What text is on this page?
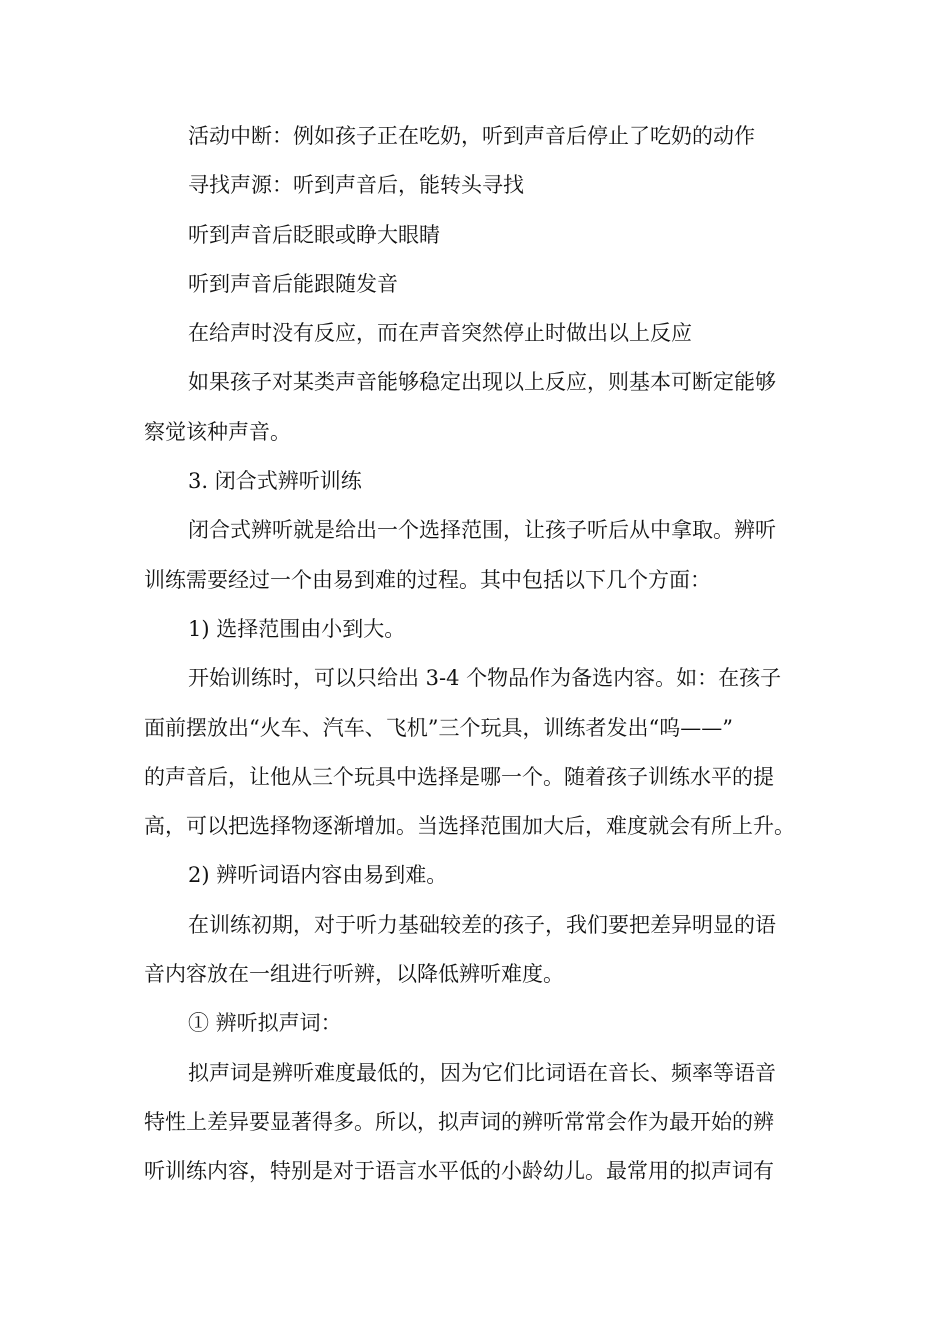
活动中断：例如孩子正在吃奶，听到声音后停止了吃奶的动作

寻找声源：听到声音后，能转头寻找

听到声音后眨眼或睁大眼睛

听到声音后能跟随发音

在给声时没有反应，而在声音突然停止时做出以上反应

如果孩子对某类声音能够稳定出现以上反应，则基本可断定能够
察觉该种声音。

3. 闭合式辨听训练

闭合式辨听就是给出一个选择范围，让孩子听后从中拿取。辨听
训练需要经过一个由易到难的过程。其中包括以下几个方面：

1) 选择范围由小到大。

开始训练时，可以只给出 3-4 个物品作为备选内容。如：在孩子
面前摆放出“火车、汽车、飞机”三个玩具，训练者发出“呜——”
的声音后，让他从三个玩具中选择是哪一个。随着孩子训练水平的提
高，可以把选择物逐渐增加。当选择范围加大后，难度就会有所上升。

2) 辨听词语内容由易到难。

在训练初期，对于听力基础较差的孩子，我们要把差异明显的语
音内容放在一组进行听辨，以降低辨听难度。

① 辨听拟声词：

拟声词是辨听难度最低的，因为它们比词语在音长、频率等语音
特性上差异要显著得多。所以，拟声词的辨听常常会作为最开始的辨
听训练内容，特别是对于语言水平低的小龄幼儿。最常用的拟声词有
